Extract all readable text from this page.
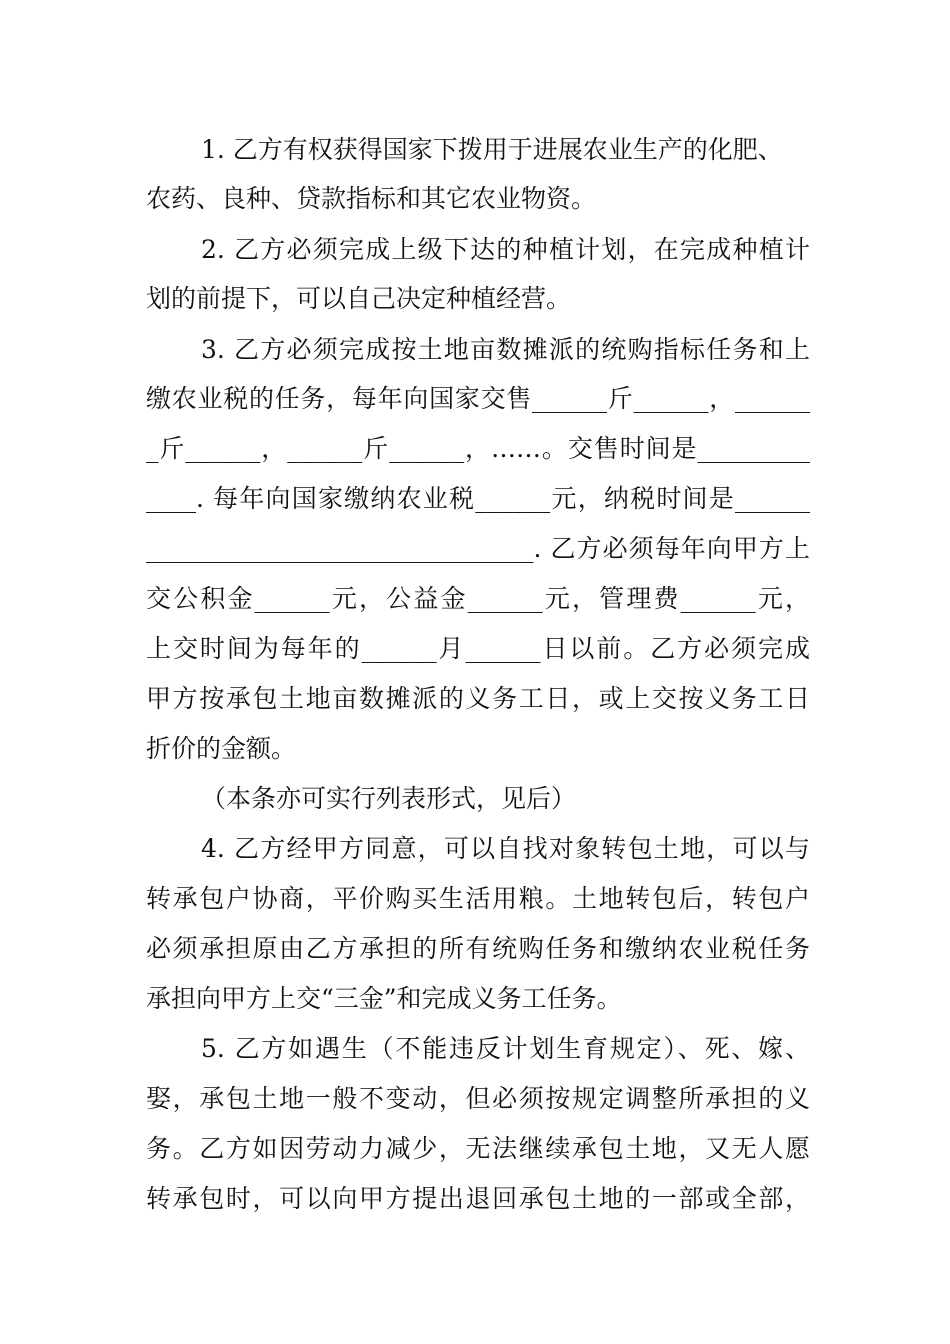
1. 乙方有权获得国家下拨用于进展农业生产的化肥、
农药、良种、贷款指标和其它农业物资。
2. 乙方必须完成上级下达的种植计划，在完成种植计
划的前提下，可以自己决定种植经营。
3. 乙方必须完成按土地亩数摊派的统购指标任务和上
缴农业税的任务，每年向国家交售______斤______，______
_斤______，______斤______，……。交售时间是_________
____. 每年向国家缴纳农业税______元，纳税时间是______
_______________________________. 乙方必须每年向甲方上
交公积金______元，公益金______元，管理费______元，
上交时间为每年的______月______日以前。乙方必须完成
甲方按承包土地亩数摊派的义务工日，或上交按义务工日
折价的金额。
（本条亦可实行列表形式，见后）
4. 乙方经甲方同意，可以自找对象转包土地，可以与
转承包户协商，平价购买生活用粮。土地转包后，转包户
必须承担原由乙方承担的所有统购任务和缴纳农业税任务
承担向甲方上交“三金”和完成义务工任务。
5. 乙方如遇生（不能违反计划生育规定）、死、嫁、
娶，承包土地一般不变动，但必须按规定调整所承担的义
务。乙方如因劳动力减少，无法继续承包土地，又无人愿
转承包时，可以向甲方提出退回承包土地的一部或全部，
